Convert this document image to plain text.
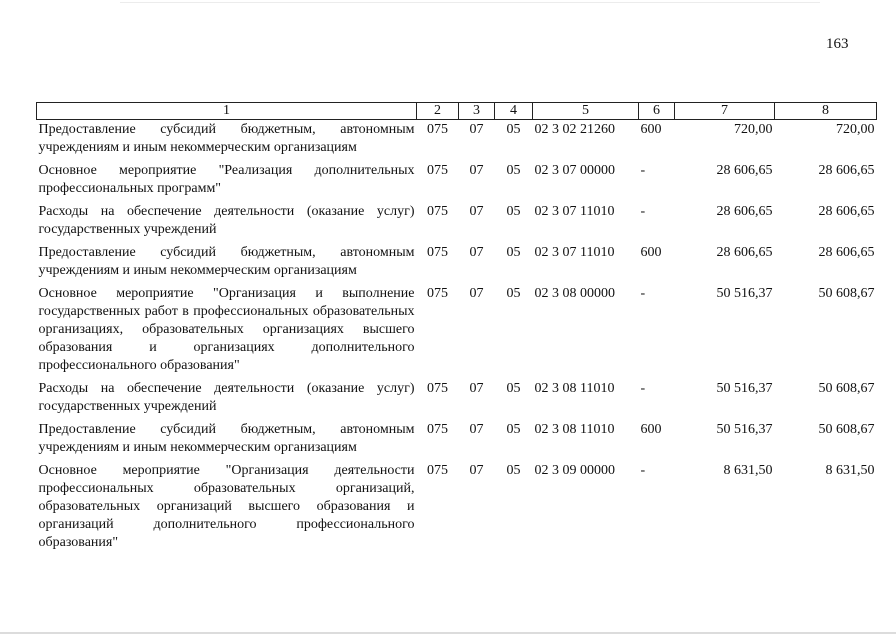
163
1	2	3	4	5	6	7	8
Предоставление субсидий бюджетным, автономным учреждениям и иным некоммерческим организациям	075	07	05	02 3 02 21260	600	720,00	720,00
Основное мероприятие "Реализация дополнительных профессиональных программ"	075	07	05	02 3 07 00000	-	28 606,65	28 606,65
Расходы на обеспечение деятельности (оказание услуг) государственных учреждений	075	07	05	02 3 07 11010	-	28 606,65	28 606,65
Предоставление субсидий бюджетным, автономным учреждениям и иным некоммерческим организациям	075	07	05	02 3 07 11010	600	28 606,65	28 606,65
Основное мероприятие "Организация и выполнение государственных работ в профессиональных образовательных организациях, образовательных организациях высшего образования и организациях дополнительного профессионального образования"	075	07	05	02 3 08 00000	-	50 516,37	50 608,67
Расходы на обеспечение деятельности (оказание услуг) государственных учреждений	075	07	05	02 3 08 11010	-	50 516,37	50 608,67
Предоставление субсидий бюджетным, автономным учреждениям и иным некоммерческим организациям	075	07	05	02 3 08 11010	600	50 516,37	50 608,67
Основное мероприятие "Организация деятельности профессиональных образовательных организаций, образовательных организаций высшего образования и организаций дополнительного профессионального образования"	075	07	05	02 3 09 00000	-	8 631,50	8 631,50
